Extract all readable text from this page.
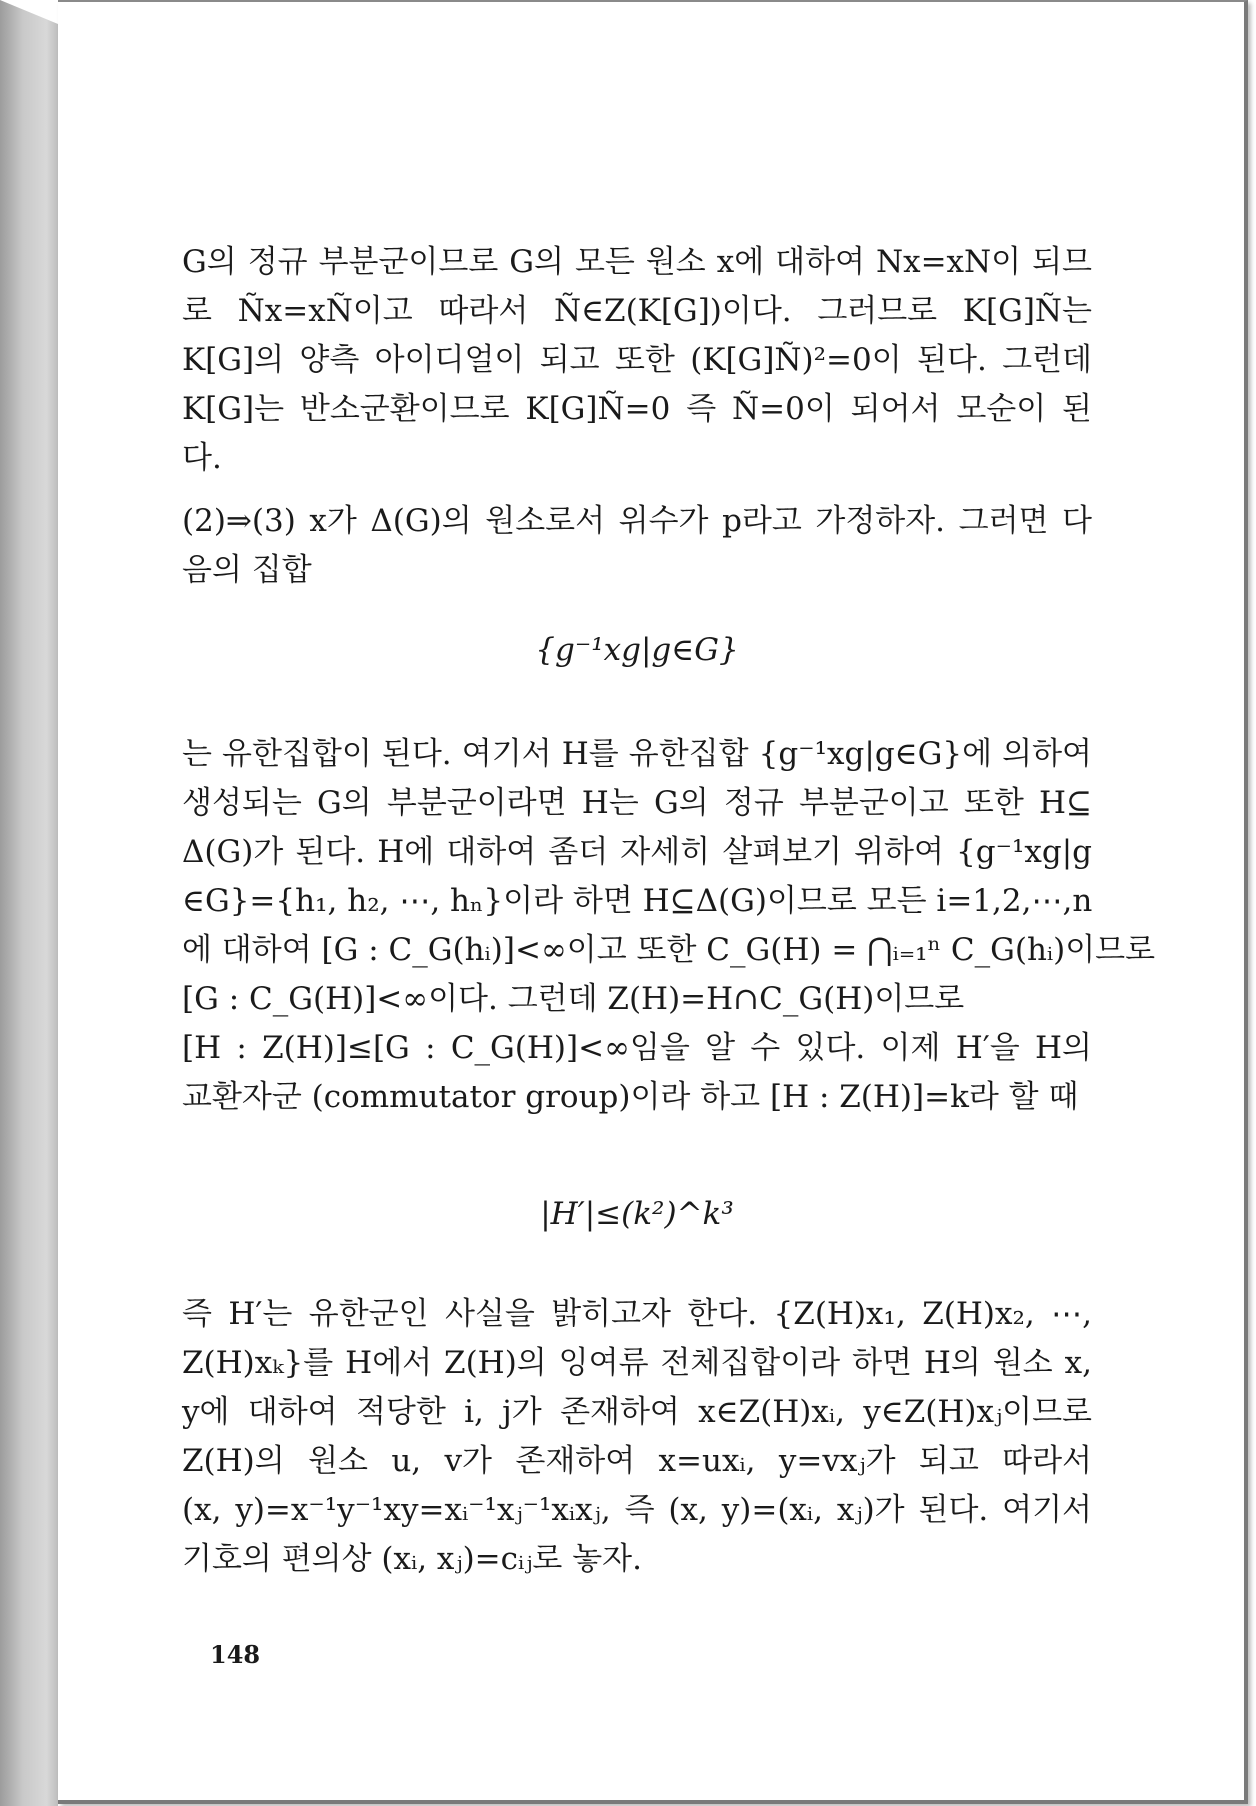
G의 정규 부분군이므로 G의 모든 원소 x에 대하여 Nx=xN이 되므
로 Ñx=xÑ이고 따라서 Ñ∈Z(K[G])이다. 그러므로 K[G]Ñ는
K[G]의 양측 아이디얼이 되고 또한 (K[G]Ñ)²=0이 된다. 그런데
K[G]는 반소군환이므로 K[G]Ñ=0 즉 Ñ=0이 되어서 모순이 된
다.
(2)⇒(3) x가 Δ(G)의 원소로서 위수가 p라고 가정하자. 그러면 다
음의 집합
{g⁻¹xg|g∈G}
는 유한집합이 된다. 여기서 H를 유한집합 {g⁻¹xg|g∈G}에 의하여
생성되는 G의 부분군이라면 H는 G의 정규 부분군이고 또한 H⊆
Δ(G)가 된다. H에 대하여 좀더 자세히 살펴보기 위하여 {g⁻¹xg|g
∈G}={h₁, h₂, ⋯, hₙ}이라 하면 H⊆Δ(G)이므로 모든 i=1,2,⋯,n
에 대하여 [G : C_G(hᵢ)]<∞이고 또한 C_G(H) = ⋂ᵢ₌₁ⁿ C_G(hᵢ)이므로
[G : C_G(H)]<∞이다. 그런데 Z(H)=H∩C_G(H)이므로
[H : Z(H)]≤[G : C_G(H)]<∞임을 알 수 있다. 이제 H′을 H의
교환자군 (commutator group)이라 하고 [H : Z(H)]=k라 할 때
|H′|≤(k²)^k³
즉 H′는 유한군인 사실을 밝히고자 한다. {Z(H)x₁, Z(H)x₂, ⋯,
Z(H)xₖ}를 H에서 Z(H)의 잉여류 전체집합이라 하면 H의 원소 x,
y에 대하여 적당한 i, j가 존재하여 x∈Z(H)xᵢ, y∈Z(H)xⱼ이므로
Z(H)의 원소 u, v가 존재하여 x=uxᵢ, y=vxⱼ가 되고 따라서
(x, y)=x⁻¹y⁻¹xy=xᵢ⁻¹xⱼ⁻¹xᵢxⱼ, 즉 (x, y)=(xᵢ, xⱼ)가 된다. 여기서
기호의 편의상 (xᵢ, xⱼ)=cᵢⱼ로 놓자.
148
